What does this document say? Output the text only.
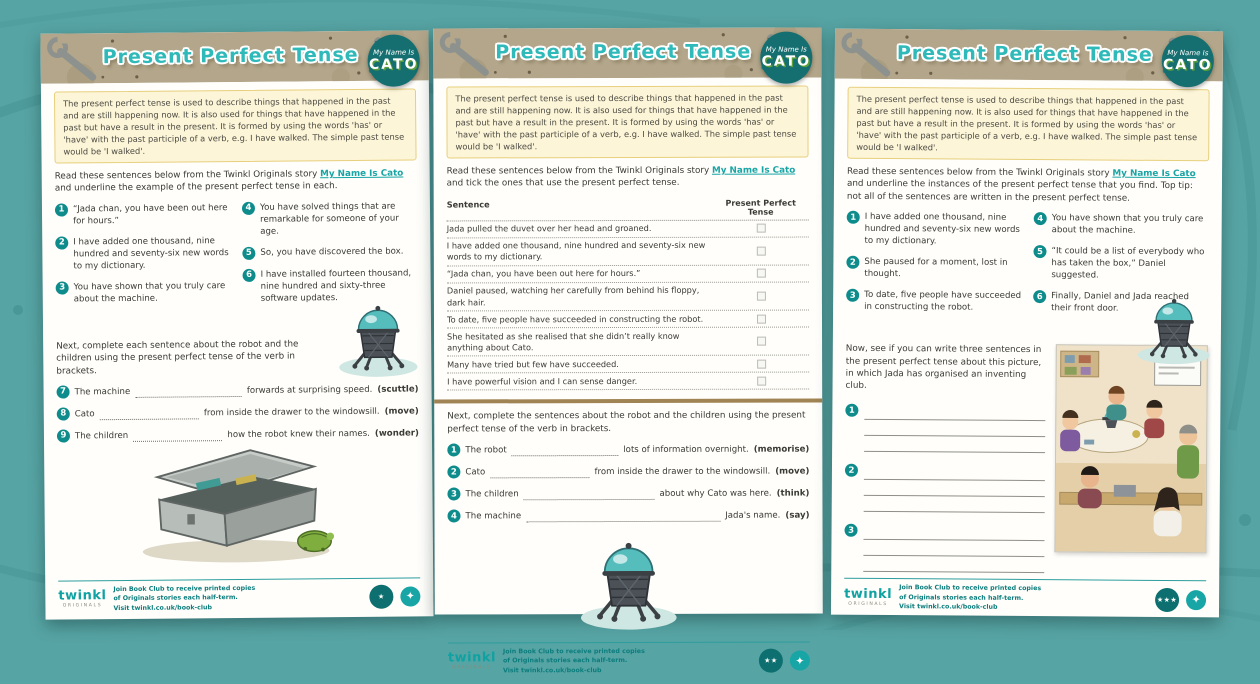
Present Perfect Tense My Name Is
CATO
The present perfect tense is used to describe things that happened in the past and are still happening now. It is also used for things that have happened in the past but have a result in the present. It is formed by using the words 'has' or 'have' with the past participle of a verb, e.g. I have walked. The simple past tense would be 'I walked'.

Read these sentences below from the Twinkl Originals story My Name Is Cato and underline the example of the present perfect tense in each.

1 “Jada chan, you have been out here for hours.”
2 I have added one thousand, nine hundred and seventy-six new words to my dictionary.
3 You have shown that you truly care about the machine.
4 You have solved things that are remarkable for someone of your age.
5 So, you have discovered the box.
6 I have installed fourteen thousand, nine hundred and sixty-three software updates.

Next, complete each sentence about the robot and the children using the present perfect tense of the verb in brackets.

7 The machine	forwards at surprising speed. (scuttle)
8 Cato	from inside the drawer to the windowsill. (move)
9 The children	how the robot knew their names. (wonder)
twinkl
ORIGINALS
Join Book Club to receive printed copies
of Originals stories each half-term.
Visit twinkl.co.uk/book-club
★	✦
Present Perfect Tense My Name Is
CATO
The present perfect tense is used to describe things that happened in the past and are still happening now. It is also used for things that have happened in the past but have a result in the present. It is formed by using the words 'has' or 'have' with the past participle of a verb, e.g. I have walked. The simple past tense would be 'I walked'.

Read these sentences below from the Twinkl Originals story My Name Is Cato and tick the ones that use the present perfect tense.

Sentence	Present Perfect Tense
Jada pulled the duvet over her head and groaned.
I have added one thousand, nine hundred and seventy-six new words to my dictionary.
“Jada chan, you have been out here for hours.”
Daniel paused, watching her carefully from behind his floppy, dark hair.
To date, five people have succeeded in constructing the robot.
She hesitated as she realised that she didn’t really know anything about Cato.
Many have tried but few have succeeded.
I have powerful vision and I can sense danger.

Next, complete the sentences about the robot and the children using the present perfect tense of the verb in brackets.

1 The robot	lots of information overnight. (memorise)
2 Cato	from inside the drawer to the windowsill. (move)
3 The children	about why Cato was here. (think)
4 The machine	Jada's name. (say)
twinkl
ORIGINALS
Join Book Club to receive printed copies
of Originals stories each half-term.
Visit twinkl.co.uk/book-club
★★	✦
Present Perfect Tense My Name Is
CATO
The present perfect tense is used to describe things that happened in the past and are still happening now. It is also used for things that have happened in the past but have a result in the present. It is formed by using the words 'has' or 'have' with the past participle of a verb, e.g. I have walked. The simple past tense would be 'I walked'.

Read these sentences below from the Twinkl Originals story My Name Is Cato and underline the instances of the present perfect tense that you find. Top tip: not all of the sentences are written in the present perfect tense.

1 I have added one thousand, nine hundred and seventy-six new words to my dictionary.
2 She paused for a moment, lost in thought.
3 To date, five people have succeeded in constructing the robot.
4 You have shown that you truly care about the machine.
5 “It could be a list of everybody who has taken the box,” Daniel suggested.
6 Finally, Daniel and Jada reached their front door.

Now, see if you can write three sentences in the present perfect tense about this picture, in which Jada has organised an inventing club.

1
2
3
twinkl
ORIGINALS
Join Book Club to receive printed copies
of Originals stories each half-term.
Visit twinkl.co.uk/book-club
★★★	✦
